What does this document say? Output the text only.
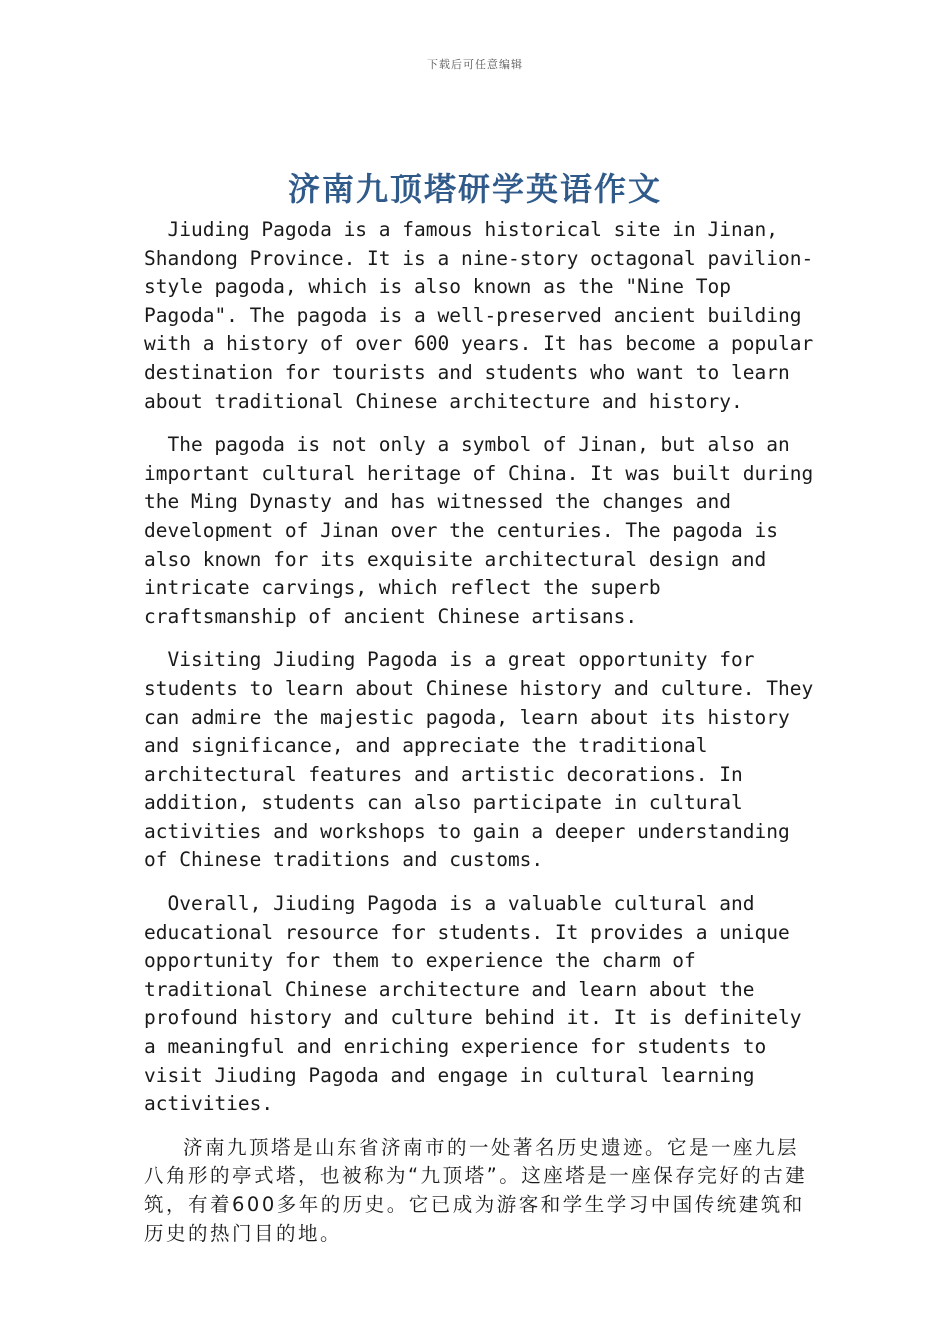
下载后可任意编辑
济南九顶塔研学英语作文

Jiuding Pagoda is a famous historical site in Jinan, Shandong Province. It is a nine-story octagonal pavilion-style pagoda, which is also known as the "Nine Top Pagoda". The pagoda is a well-preserved ancient building with a history of over 600 years. It has become a popular destination for tourists and students who want to learn about traditional Chinese architecture and history.

The pagoda is not only a symbol of Jinan, but also an important cultural heritage of China. It was built during the Ming Dynasty and has witnessed the changes and development of Jinan over the centuries. The pagoda is also known for its exquisite architectural design and intricate carvings, which reflect the superb craftsmanship of ancient Chinese artisans.

Visiting Jiuding Pagoda is a great opportunity for students to learn about Chinese history and culture. They can admire the majestic pagoda, learn about its history and significance, and appreciate the traditional architectural features and artistic decorations. In addition, students can also participate in cultural activities and workshops to gain a deeper understanding of Chinese traditions and customs.

Overall, Jiuding Pagoda is a valuable cultural and educational resource for students. It provides a unique opportunity for them to experience the charm of traditional Chinese architecture and learn about the profound history and culture behind it. It is definitely a meaningful and enriching experience for students to visit Jiuding Pagoda and engage in cultural learning activities.

济南九顶塔是山东省济南市的一处著名历史遗迹。它是一座九层八角形的亭式塔，也被称为“九顶塔”。这座塔是一座保存完好的古建筑，有着600多年的历史。它已成为游客和学生学习中国传统建筑和历史的热门目的地。
